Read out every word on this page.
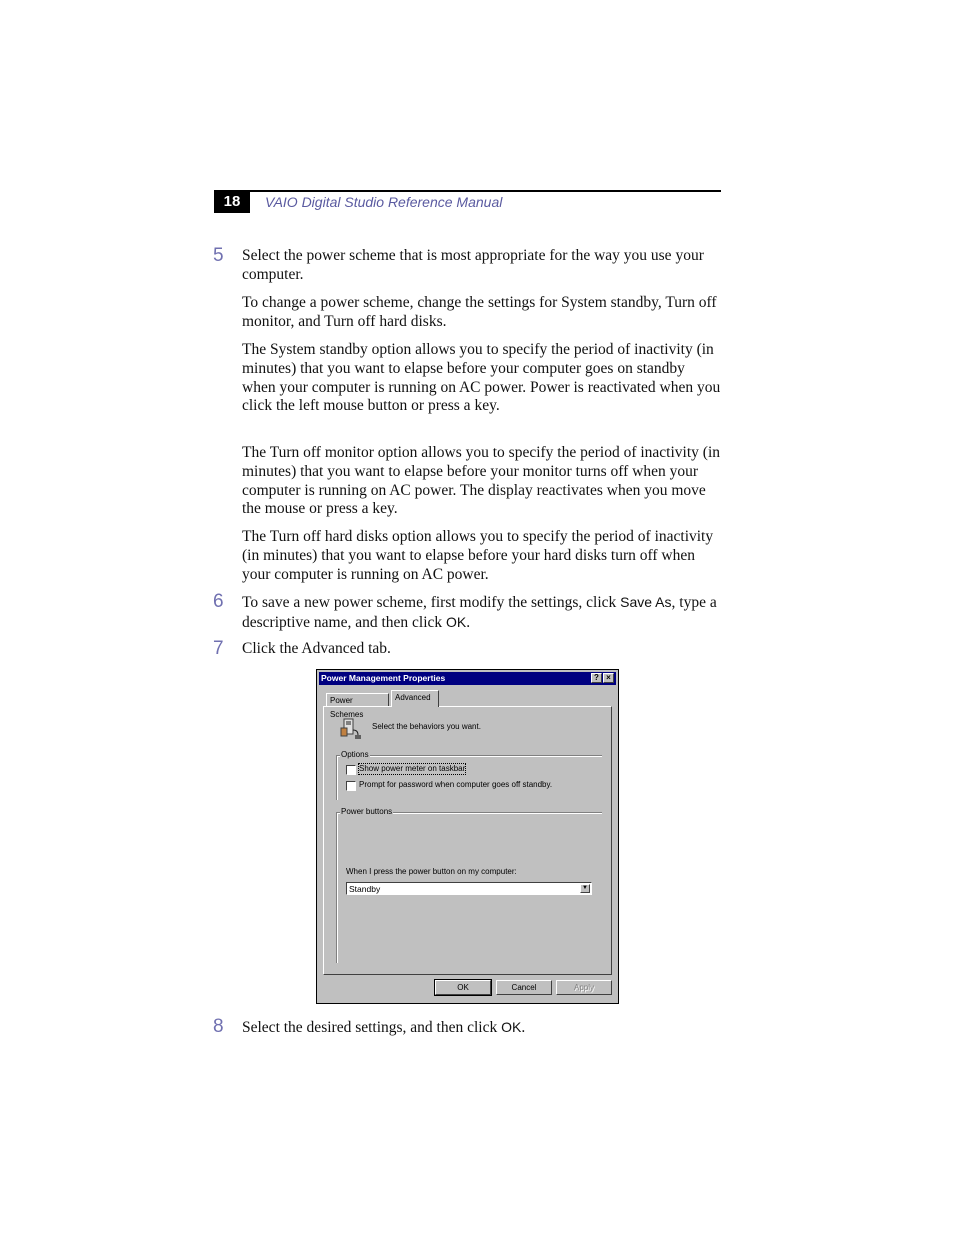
18	VAIO Digital Studio Reference Manual
5 Select the power scheme that is most appropriate for the way you use your computer.

To change a power scheme, change the settings for System standby, Turn off monitor, and Turn off hard disks.

The System standby option allows you to specify the period of inactivity (in minutes) that you want to elapse before your computer goes on standby when your computer is running on AC power. Power is reactivated when you click the left mouse button or press a key.

The Turn off monitor option allows you to specify the period of inactivity (in minutes) that you want to elapse before your monitor turns off when your computer is running on AC power. The display reactivates when you move the mouse or press a key.

The Turn off hard disks option allows you to specify the period of inactivity (in minutes) that you want to elapse before your hard disks turn off when your computer is running on AC power.

6 To save a new power scheme, first modify the settings, click Save As, type a descriptive name, and then click OK.

7 Click the Advanced tab.

Power Management Properties	? ×
Power Schemes
Advanced
Select the behaviors you want.
Options
Show power meter on taskbar
Prompt for password when computer goes off standby.
Power buttons
When I press the power button on my computer:
Standby	▼
OK	Cancel	Apply
8 Select the desired settings, and then click OK.
